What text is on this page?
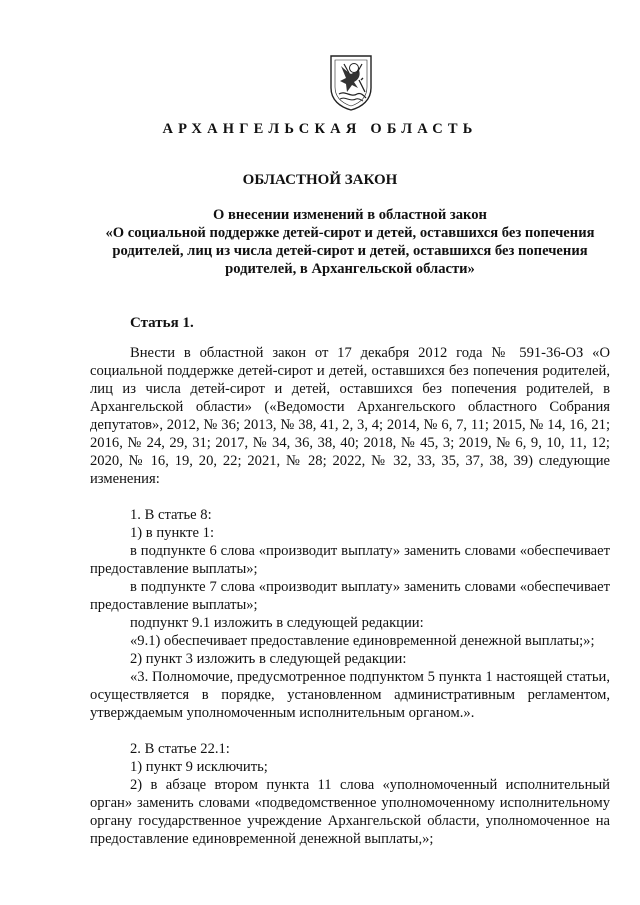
АРХАНГЕЛЬСКАЯ ОБЛАСТЬ
ОБЛАСТНОЙ ЗАКОН
О внесении изменений в областной закон
«О социальной поддержке детей-сирот и детей, оставшихся без попечения
родителей, лиц из числа детей-сирот и детей, оставшихся без попечения
родителей, в Архангельской области»
Статья 1.

Внести в областной закон от 17 декабря 2012 года № 591-36-ОЗ «О социальной поддержке детей-сирот и детей, оставшихся без попечения родителей, лиц из числа детей-сирот и детей, оставшихся без попечения родителей, в Архангельской области» («Ведомости Архангельского областного Собрания депутатов», 2012, № 36; 2013, № 38, 41, 2, 3, 4; 2014, № 6, 7, 11; 2015, № 14, 16, 21; 2016, № 24, 29, 31; 2017, № 34, 36, 38, 40; 2018, № 45, 3; 2019, № 6, 9, 10, 11, 12; 2020, № 16, 19, 20, 22; 2021, № 28; 2022, № 32, 33, 35, 37, 38, 39) следующие изменения:

1. В статье 8:

1) в пункте 1:

в подпункте 6 слова «производит выплату» заменить словами «обеспечивает предоставление выплаты»;

в подпункте 7 слова «производит выплату» заменить словами «обеспечивает предоставление выплаты»;

подпункт 9.1 изложить в следующей редакции:

«9.1) обеспечивает предоставление единовременной денежной выплаты;»;

2) пункт 3 изложить в следующей редакции:

«3. Полномочие, предусмотренное подпунктом 5 пункта 1 настоящей статьи, осуществляется в порядке, установленном административным регламентом, утверждаемым уполномоченным исполнительным органом.».

2. В статье 22.1:

1) пункт 9 исключить;

2) в абзаце втором пункта 11 слова «уполномоченный исполнительный орган» заменить словами «подведомственное уполномоченному исполнительному органу государственное учреждение Архангельской области, уполномоченное на предоставление единовременной денежной выплаты,»;
